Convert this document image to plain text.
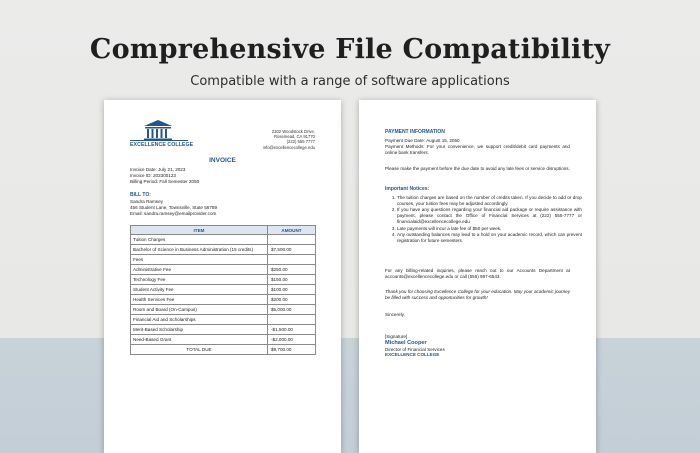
Comprehensive File Compatibility
Compatible with a range of software applications
EXCELLENCE COLLEGE
2302 Woodstock Drive,
Rosemead, CA 91770
(222) 555 7777
info@excellencecollege.edu
INVOICE
Invoice Date: July 21, 2023
Invoice ID: 202300123
Billing Period: Fall Semester 2050
BILL TO:
Sandra Ramsey
456 Student Lane, Townsville, State 56789
Email: sandra.ramsey@emailprovider.com
ITEM	AMOUNT
Tuition Charges	
Bachelor of Science in Business Administration (15 credits)	$7,500.00
Fees	
Administrative Fee	$250.00
Technology Fee	$150.00
Student Activity Fee	$100.00
Health Services Fee	$200.00
Room and Board (On-Campus)	$5,000.00
Financial Aid and Scholarships	
Merit-Based Scholarship	-$1,500.00
Need-Based Grant	-$2,000.00
TOTAL DUE	$9,700.00
PAYMENT INFORMATION
Payment Due Date: August 15, 2050
Payment Methods: For your convenience, we support credit/debit card payments and online bank transfers.
Please make the payment before the due date to avoid any late fees or service disruptions.
Important Notices:
1. The tuition charges are based on the number of credits taken. If you decide to add or drop courses, your tuition fees may be adjusted accordingly.
2. If you have any questions regarding your financial aid package or require assistance with payment, please contact the Office of Financial Services at (222) 555-7777 or financialaid@excellencecollege.edu
3. Late payments will incur a late fee of $50 per week.
4. Any outstanding balances may lead to a hold on your academic record, which can prevent registration for future semesters.
For any billing-related inquiries, please reach out to our Accounts Department at accounts@excellencecollege.edu or call (555) 987-6543.
Thank you for choosing Excellence College for your education. May your academic journey be filled with success and opportunities for growth!
Sincerely,
[Signature]
Michael Cooper
Director of Financial Services
EXCELLENCE COLLEGE
